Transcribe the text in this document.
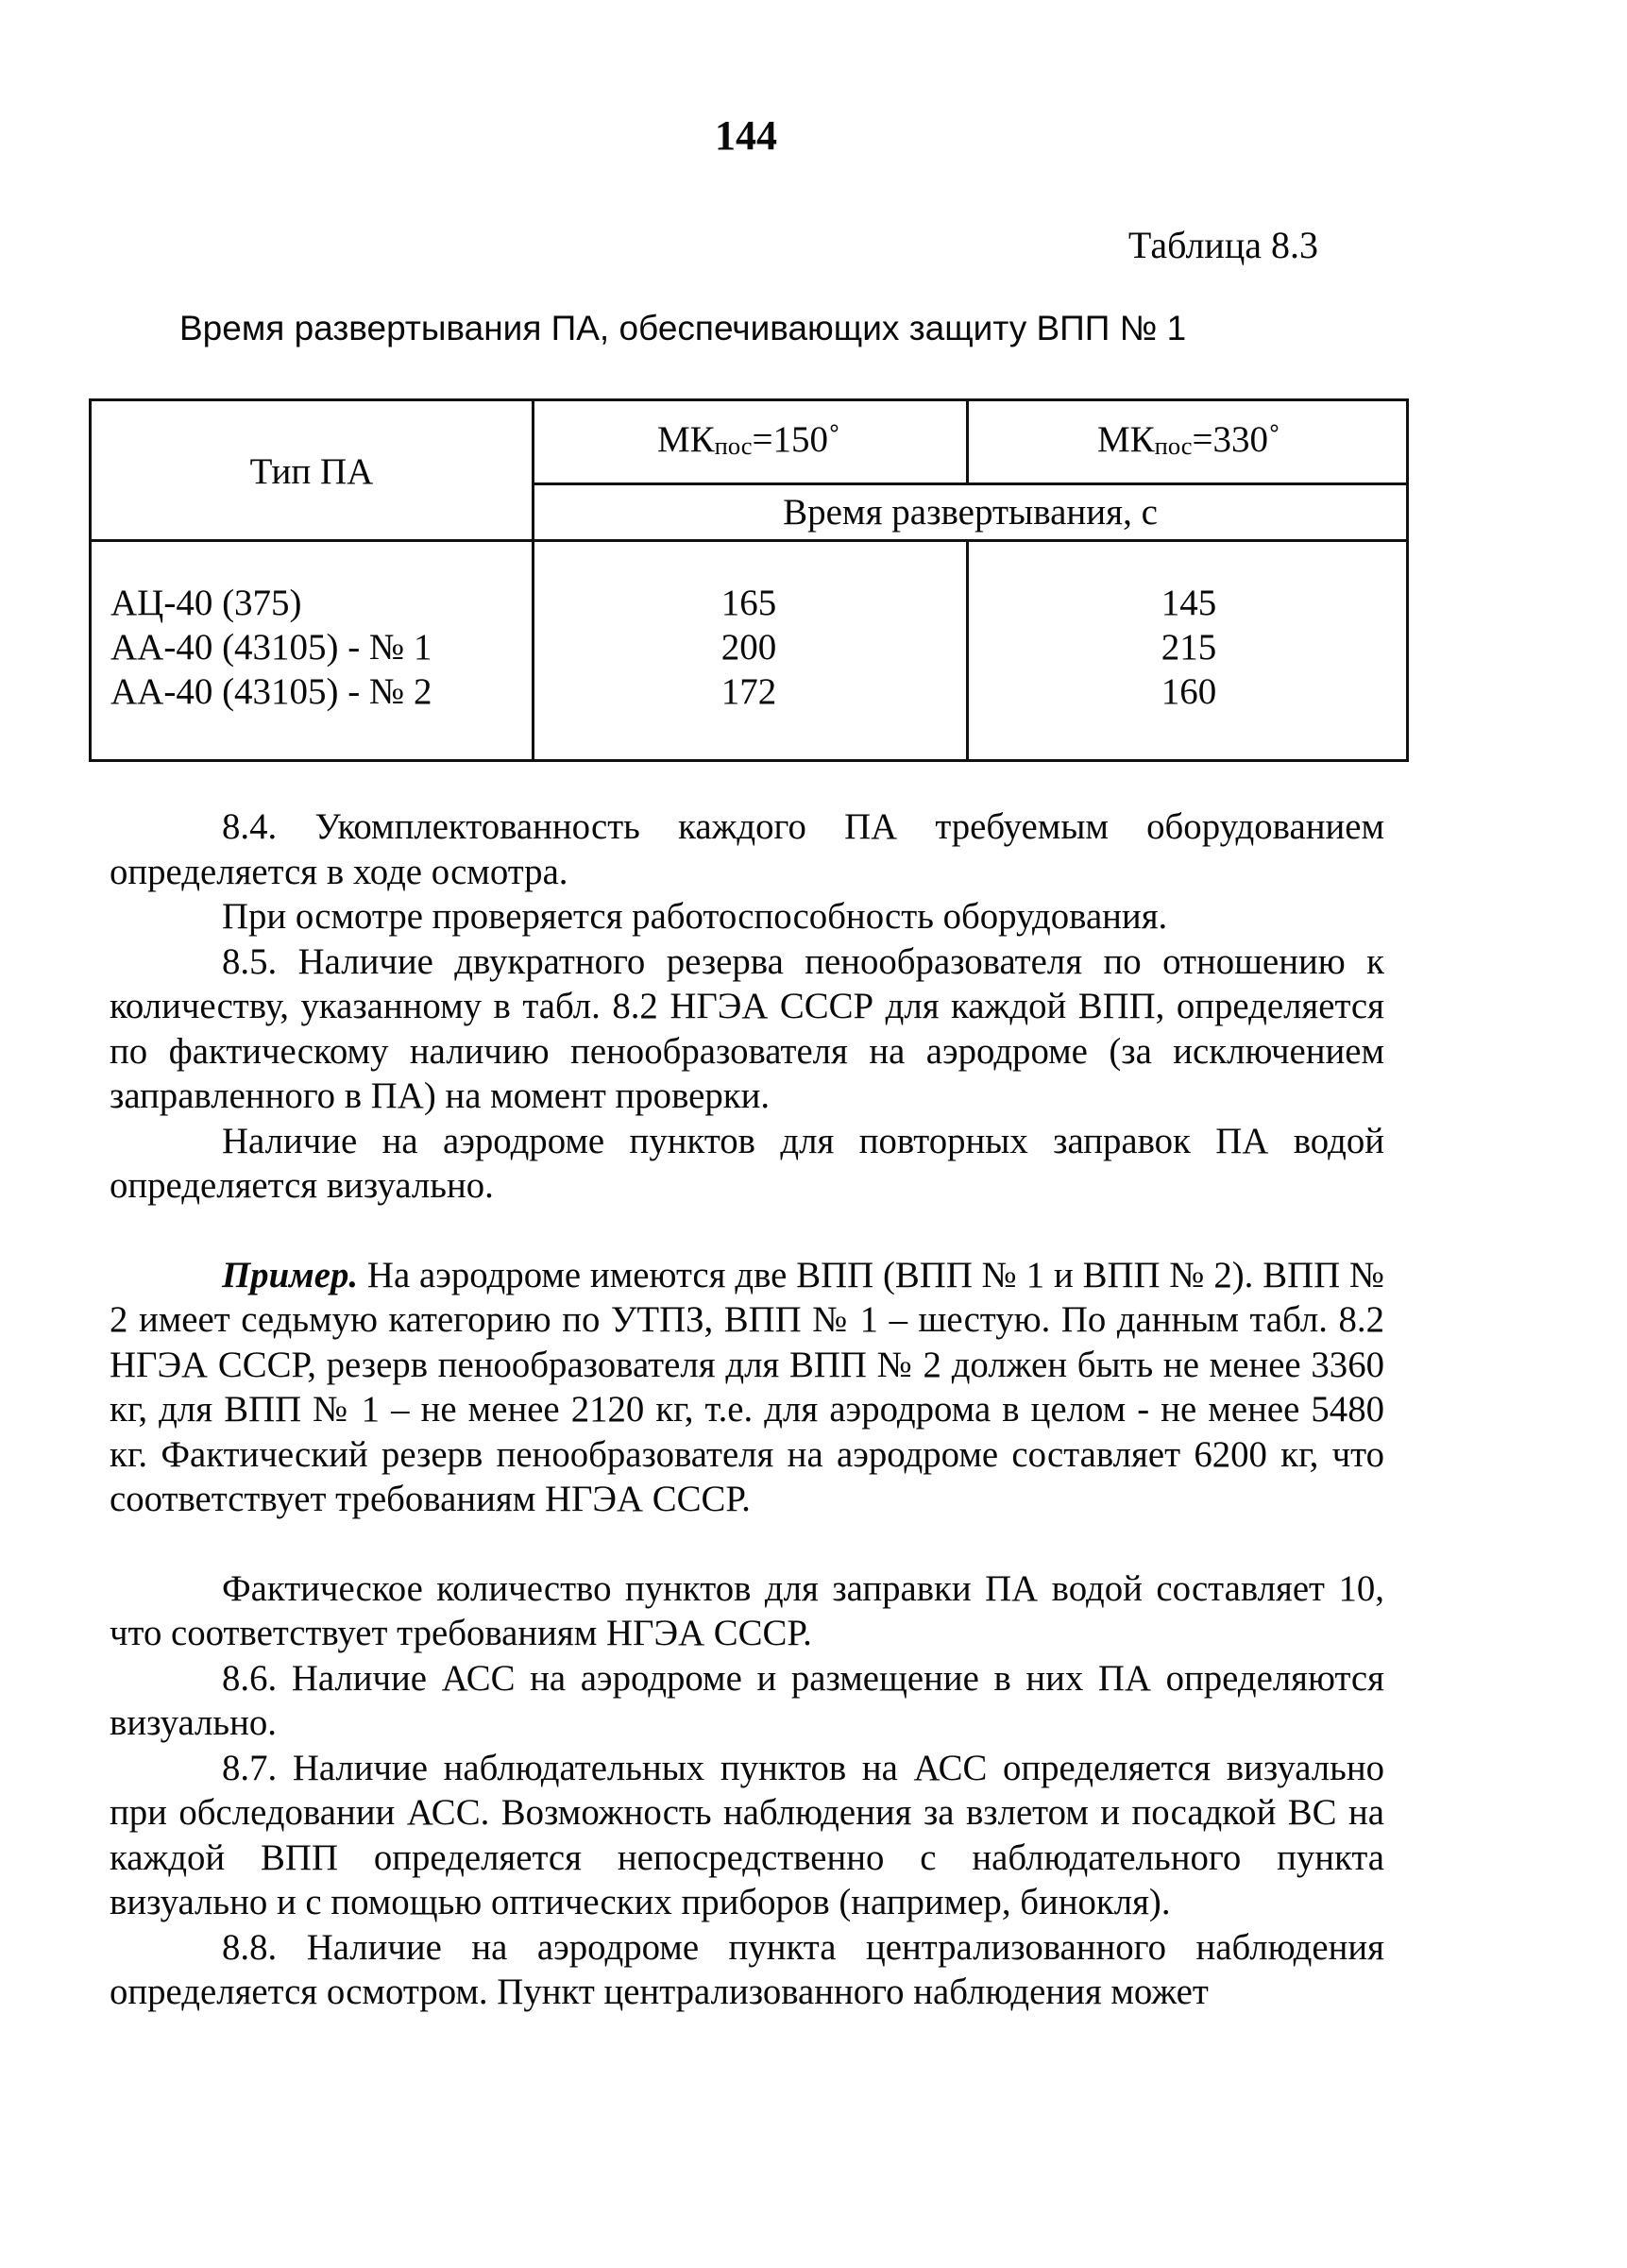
144
Таблица 8.3
Время развертывания ПА, обеспечивающих защиту ВПП № 1
Тип ПА
$МК_{пос}=150˚$	$МК_{пос}=330˚$
Время развертывания, с
АЦ-40 (375)
АА-40 (43105) - № 1
АА-40 (43105) - № 2
165
200
172
145
215
160

8.4. Укомплектованность каждого ПА требуемым оборудованием определяется в ходе осмотра.

При осмотре проверяется работоспособность оборудования.

8.5. Наличие двукратного резерва пенообразователя по отношению к количеству, указанному в табл. 8.2 НГЭА СССР для каждой ВПП, определяется по фактическому наличию пенообразователя на аэродроме (за исключением заправленного в ПА) на момент проверки.

Наличие на аэродроме пунктов для повторных заправок ПА водой определяется визуально.

Пример. На аэродроме имеются две ВПП (ВПП № 1 и ВПП № 2). ВПП № 2 имеет седьмую категорию по УТПЗ, ВПП № 1 – шестую. По данным табл. 8.2 НГЭА СССР, резерв пенообразователя для ВПП № 2 должен быть не менее 3360 кг, для ВПП № 1 – не менее 2120 кг, т.е. для аэродрома в целом - не менее 5480 кг. Фактический резерв пенообразователя на аэродроме составляет 6200 кг, что соответствует требованиям НГЭА СССР.

Фактическое количество пунктов для заправки ПА водой составляет 10, что соответствует требованиям НГЭА СССР.

8.6. Наличие АСС на аэродроме и размещение в них ПА определяются визуально.

8.7. Наличие наблюдательных пунктов на АСС определяется визуально при обследовании АСС. Возможность наблюдения за взлетом и посадкой ВС на каждой ВПП определяется непосредственно с наблюдательного пункта визуально и с помощью оптических приборов (например, бинокля).

8.8. Наличие на аэродроме пункта централизованного наблюдения определяется осмотром. Пункт централизованного наблюдения может
